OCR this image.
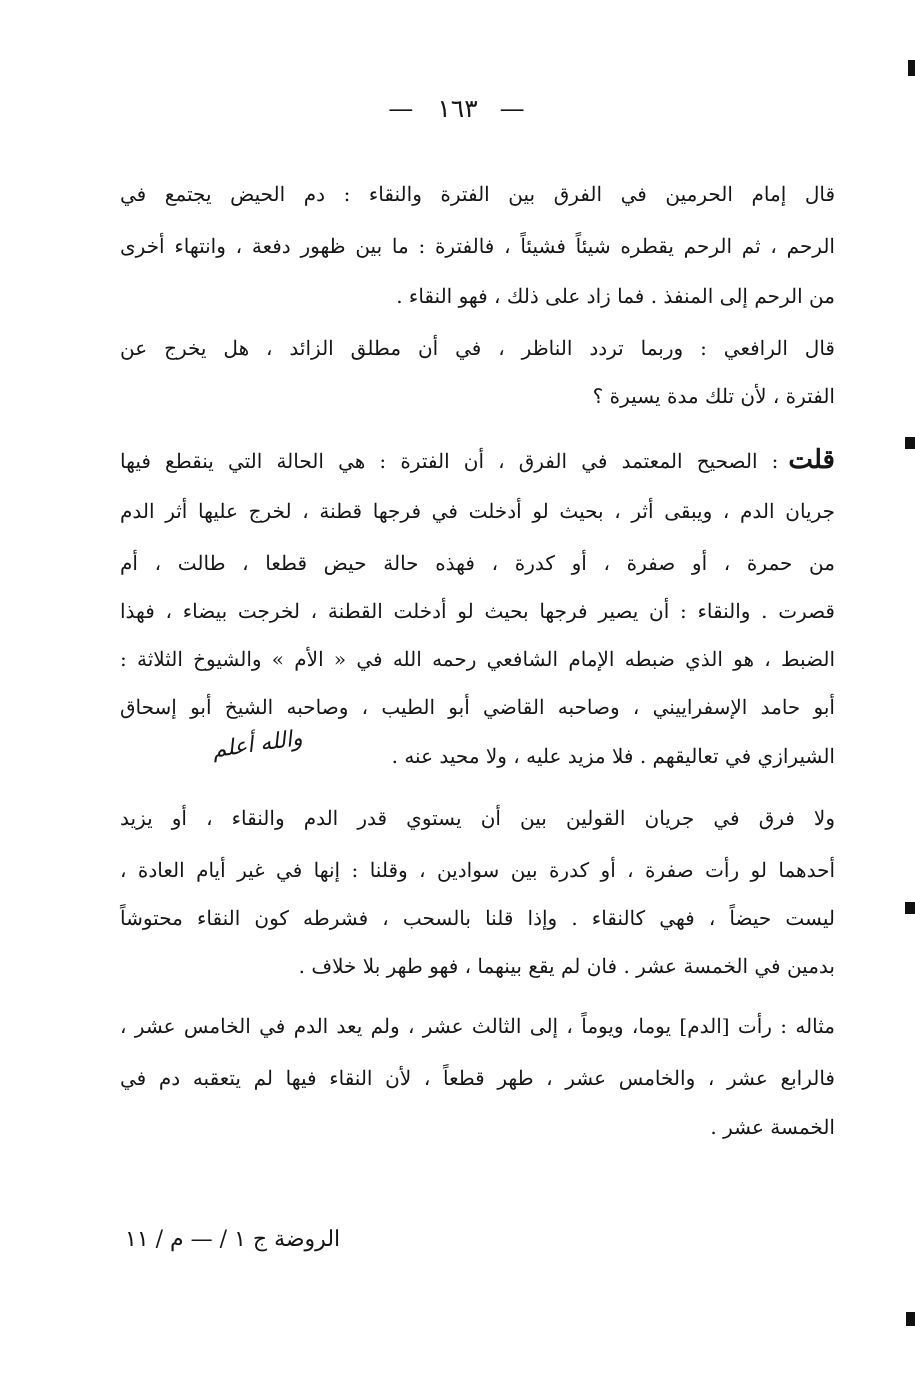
— ١٦٣ —
قال إمام الحرمين في الفرق بين الفترة والنقاء : دم الحيض يجتمع في
الرحم ، ثم الرحم يقطره شيئاً فشيئاً ، فالفترة : ما بين ظهور دفعة ، وانتهاء أخرى
من الرحم إلى المنفذ . فما زاد على ذلك ، فهو النقاء .
قال الرافعي : وربما تردد الناظر ، في أن مطلق الزائد ، هل يخرج عن
الفترة ، لأن تلك مدة يسيرة ؟
قلت: الصحيح المعتمد في الفرق ، أن الفترة : هي الحالة التي ينقطع فيها
جريان الدم ، ويبقى أثر ، بحيث لو أدخلت في فرجها قطنة ، لخرج عليها أثر الدم
من حمرة ، أو صفرة ، أو كدرة ، فهذه حالة حيض قطعا ، طالت ، أم
قصرت . والنقاء : أن يصير فرجها بحيث لو أدخلت القطنة ، لخرجت بيضاء ، فهذا
الضبط ، هو الذي ضبطه الإمام الشافعي رحمه الله في « الأم » والشيوخ الثلاثة :
أبو حامد الإسفراييني ، وصاحبه القاضي أبو الطيب ، وصاحبه الشيخ أبو إسحاق
الشيرازي في تعاليقهم . فلا مزيد عليه ، ولا محيد عنه .
والله أعلم
ولا فرق في جريان القولين بين أن يستوي قدر الدم والنقاء ، أو يزيد
أحدهما لو رأت صفرة ، أو كدرة بين سوادين ، وقلنا : إنها في غير أيام العادة ،
ليست حيضاً ، فهي كالنقاء . وإذا قلنا بالسحب ، فشرطه كون النقاء محتوشاً
بدمين في الخمسة عشر . فان لم يقع بينهما ، فهو طهر بلا خلاف .
مثاله : رأت [الدم] يوما، ويوماً ، إلى الثالث عشر ، ولم يعد الدم في الخامس عشر ،
فالرابع عشر ، والخامس عشر ، طهر قطعاً ، لأن النقاء فيها لم يتعقبه دم في
الخمسة عشر .
الروضة ج ١ / — م / ١١
